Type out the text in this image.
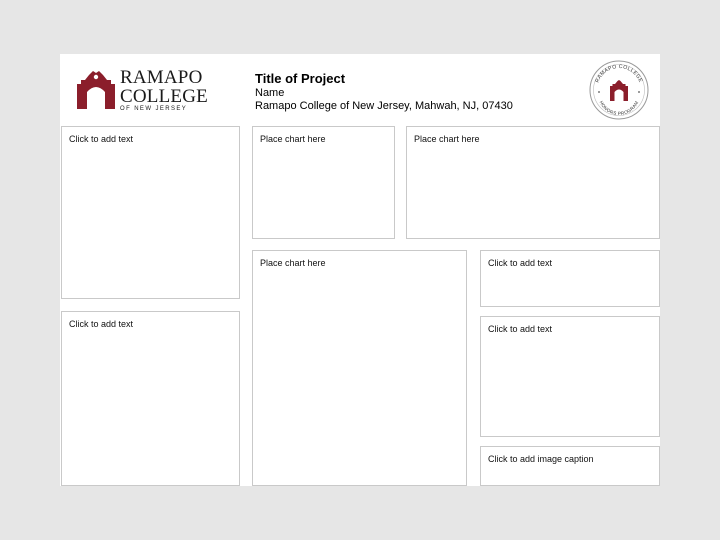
RAMAPO
COLLEGE
OF NEW JERSEY
Title of Project
Name
Ramapo College of New Jersey, Mahwah, NJ, 07430
RAMAPO COLLEGE
HONORS PROGRAM
Click to add text
Click to add text
Place chart here	Place chart here
Place chart here	Click to add text
Click to add text
Click to add image caption
